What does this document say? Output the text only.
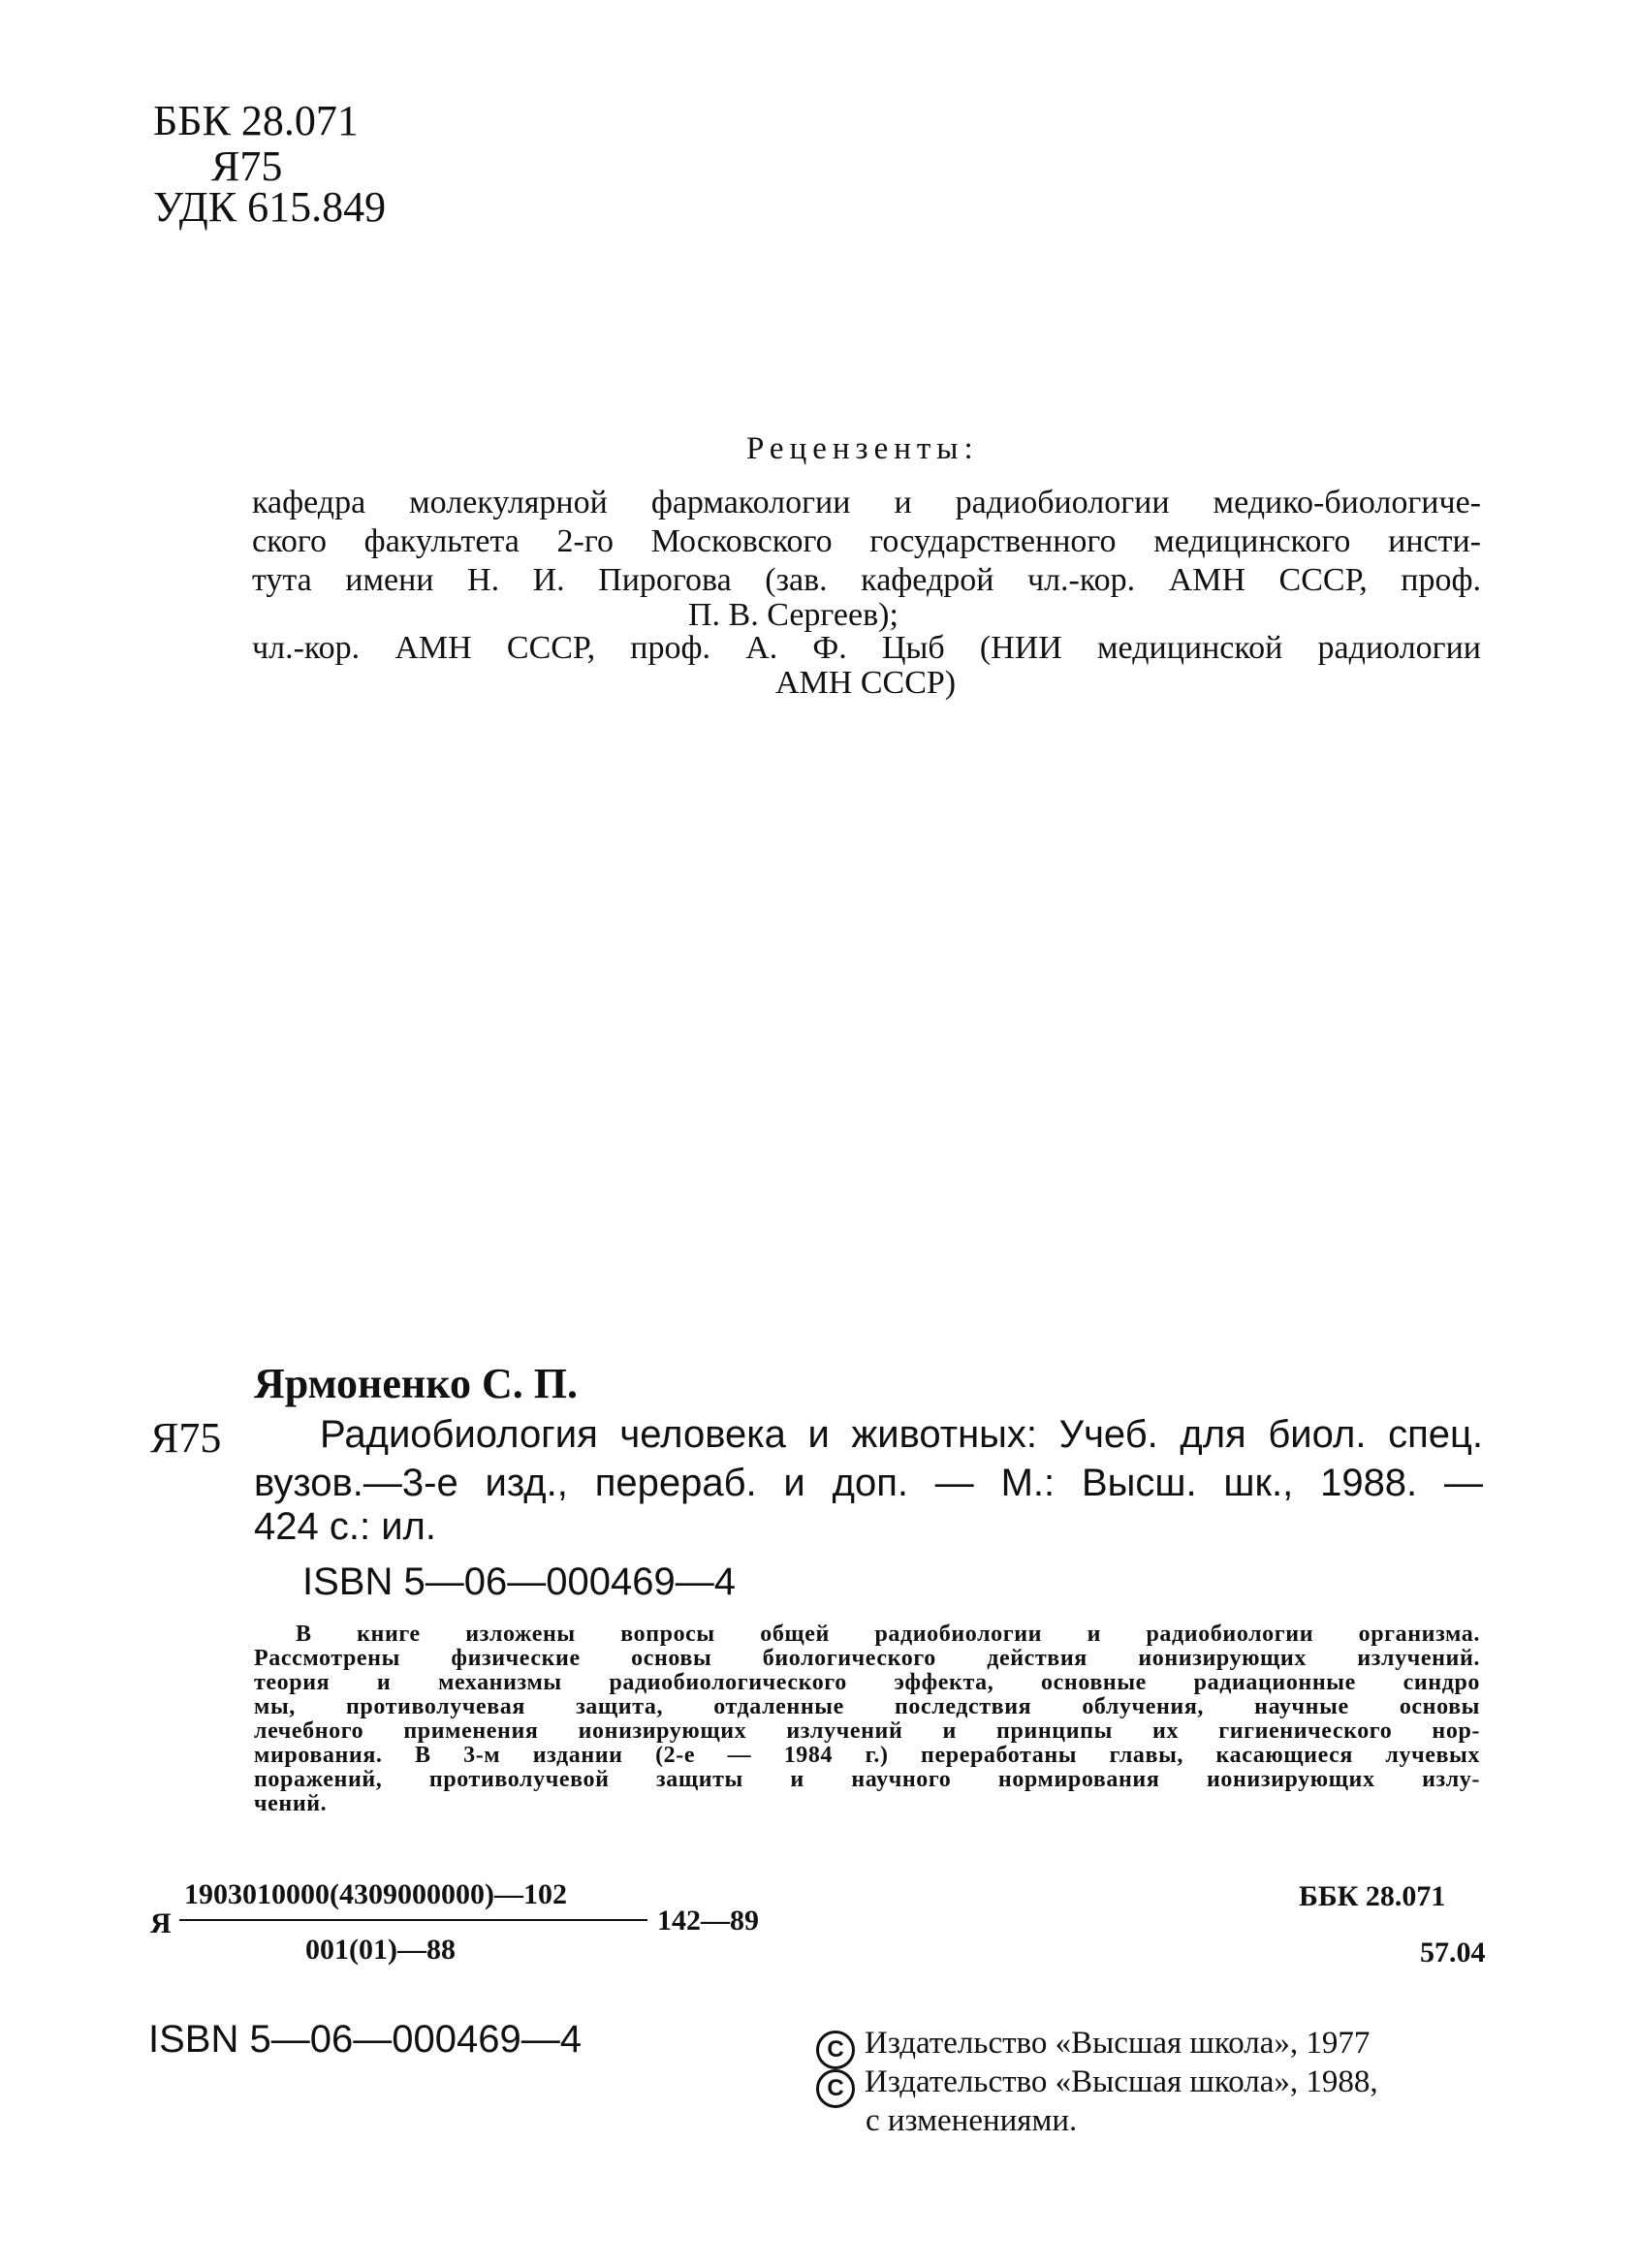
ББК 28.071
Я75
УДК 615.849
Рецензенты:
кафедра молекулярной фармакологии и радиобиологии медико-биологиче-
ского факультета 2-го Московского государственного медицинского инсти-
тута имени Н. И. Пирогова (зав. кафедрой чл.-кор. АМН СССР, проф.
П. В. Сергеев);
чл.-кор. АМН СССР, проф. А. Ф. Цыб (НИИ медицинской радиологии
АМН СССР)
Ярмоненко С. П.
Я75	Радиобиология человека и животных: Учеб. для биол. спец.
вузов.—3-е изд., перераб. и доп. — М.: Высш. шк., 1988. —
424 с.: ил.
ISBN 5—06—000469—4
В книге изложены вопросы общей радиобиологии и радиобиологии организма.
Рассмотрены физические основы биологического действия ионизирующих излучений.
теория и механизмы радиобиологического эффекта, основные радиационные синдро
мы, противолучевая защита, отдаленные последствия облучения, научные основы
лечебного применения ионизирующих излучений и принципы их гигиенического нор-
мирования. В 3-м издании (2-е — 1984 г.) переработаны главы, касающиеся лучевых
поражений, противолучевой защиты и научного нормирования ионизирующих излу-
чений.
Я
1903010000(4309000000)—102
001(01)—88
142—89
ББК 28.071
57.04
ISBN 5—06—000469—4	C Издательство «Высшая школа», 1977
C Издательство «Высшая школа», 1988,
с изменениями.
